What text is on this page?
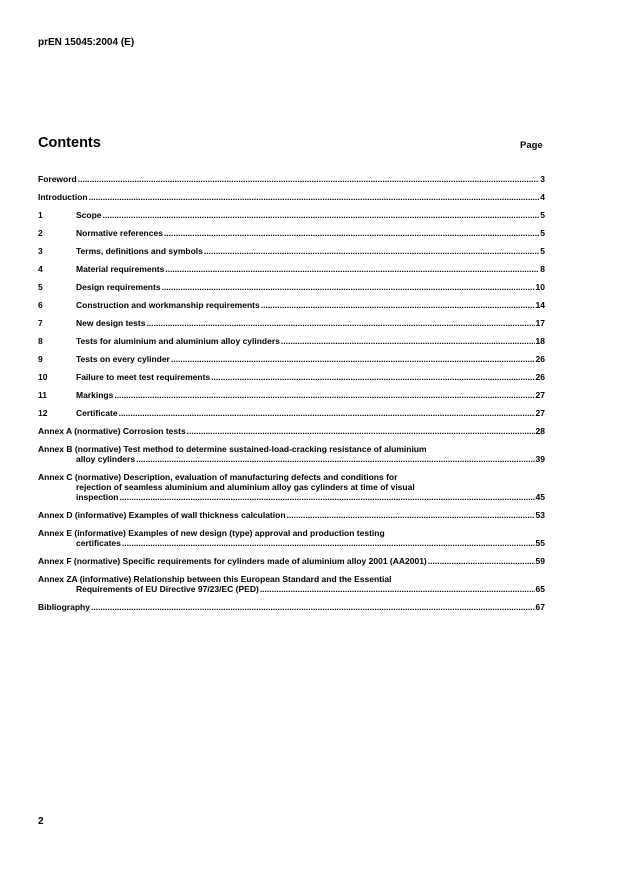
prEN 15045:2004 (E)
Contents	Page
Foreword .....	3
Introduction .....	4
1	Scope .....	5
2	Normative references .....	5
3	Terms, definitions and symbols .....	5
4	Material requirements .....	8
5	Design requirements .....	10
6	Construction and workmanship requirements .....	14
7	New design tests .....	17
8	Tests for aluminium and aluminium alloy cylinders .....	18
9	Tests on every cylinder .....	26
10	Failure to meet test requirements .....	26
11	Markings .....	27
12	Certificate .....	27
Annex A (normative) Corrosion tests .....	28
Annex B (normative) Test method to determine sustained-load-cracking resistance of aluminium
alloy cylinders .....	39
Annex C (normative) Description, evaluation of manufacturing defects and conditions for
rejection of seamless aluminium and aluminium alloy gas cylinders at time of visual
inspection .....	45
Annex D (informative) Examples of wall thickness calculation .....	53
Annex E (informative) Examples of new design (type) approval and production testing
certificates .....	55
Annex F (normative) Specific requirements for cylinders made of aluminium alloy 2001 (AA2001) .....	59
Annex ZA (informative) Relationship between this European Standard and the Essential
Requirements of EU Directive 97/23/EC (PED) .....	65
Bibliography .....	67
2
